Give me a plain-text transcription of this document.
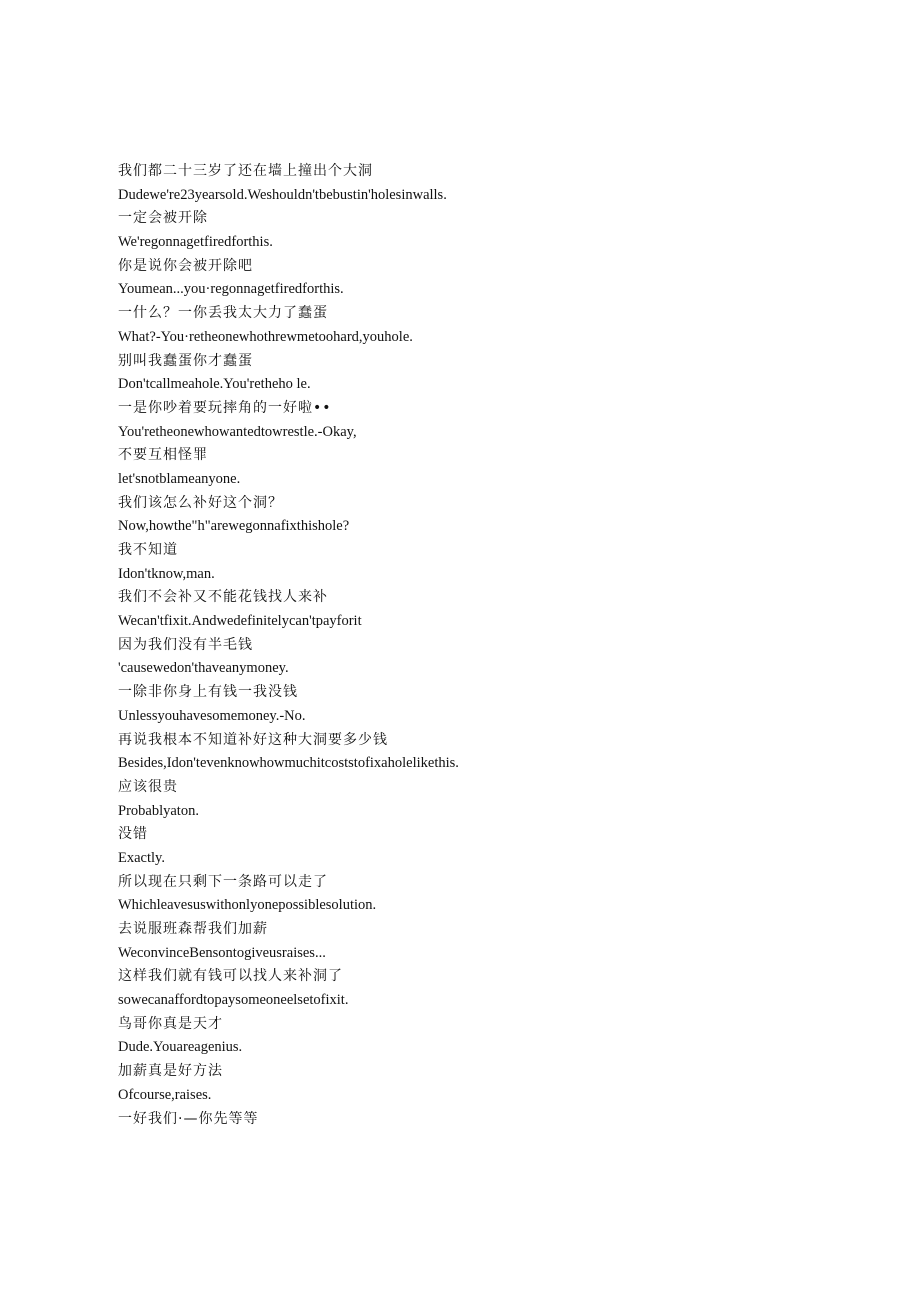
我们都二十三岁了还在墙上撞出个大洞
Dudewe're23yearsold.Weshouldn'tbebustin'holesinwalls.
一定会被开除
We'regonnagetfiredforthis.
你是说你会被开除吧
Youmean...you·regonnagetfiredforthis.
一什么？一你丢我太大力了蠢蛋
What?-You·retheonewhothrewmetoohard,youhole.
别叫我蠢蛋你才蠢蛋
Don'tcallmeahole.You'retheho le.
一是你吵着要玩摔角的一好啦••
You'retheonewhowantedtowrestle.-Okay,
不要互相怪罪
let'snotblameanyone.
我们该怎么补好这个洞？
Now,howthe"h"arewegonnafixthishole?
我不知道
Idon'tknow,man.
我们不会补又不能花钱找人来补
Wecan'tfixit.Andwedefinitelycan'tpayforit
因为我们没有半毛钱
'causewedon'thaveanymoney.
一除非你身上有钱一我没钱
Unlessyouhavesomemoney.-No.
再说我根本不知道补好这种大洞要多少钱
Besides,Idon'tevenknowhowmuchitcoststofixaholelikethis.
应该很贵
Probablyaton.
没错
Exactly.
所以现在只剩下一条路可以走了
Whichleavesuswithonlyonepossiblesolution.
去说服班森帮我们加薪
WeconvinceBensontogiveusraises...
这样我们就有钱可以找人来补洞了
sowecanaffordtopaysomeoneelsetofixit.
鸟哥你真是天才
Dude.Youareagenius.
加薪真是好方法
Ofcourse,raises.
一好我们·—你先等等
